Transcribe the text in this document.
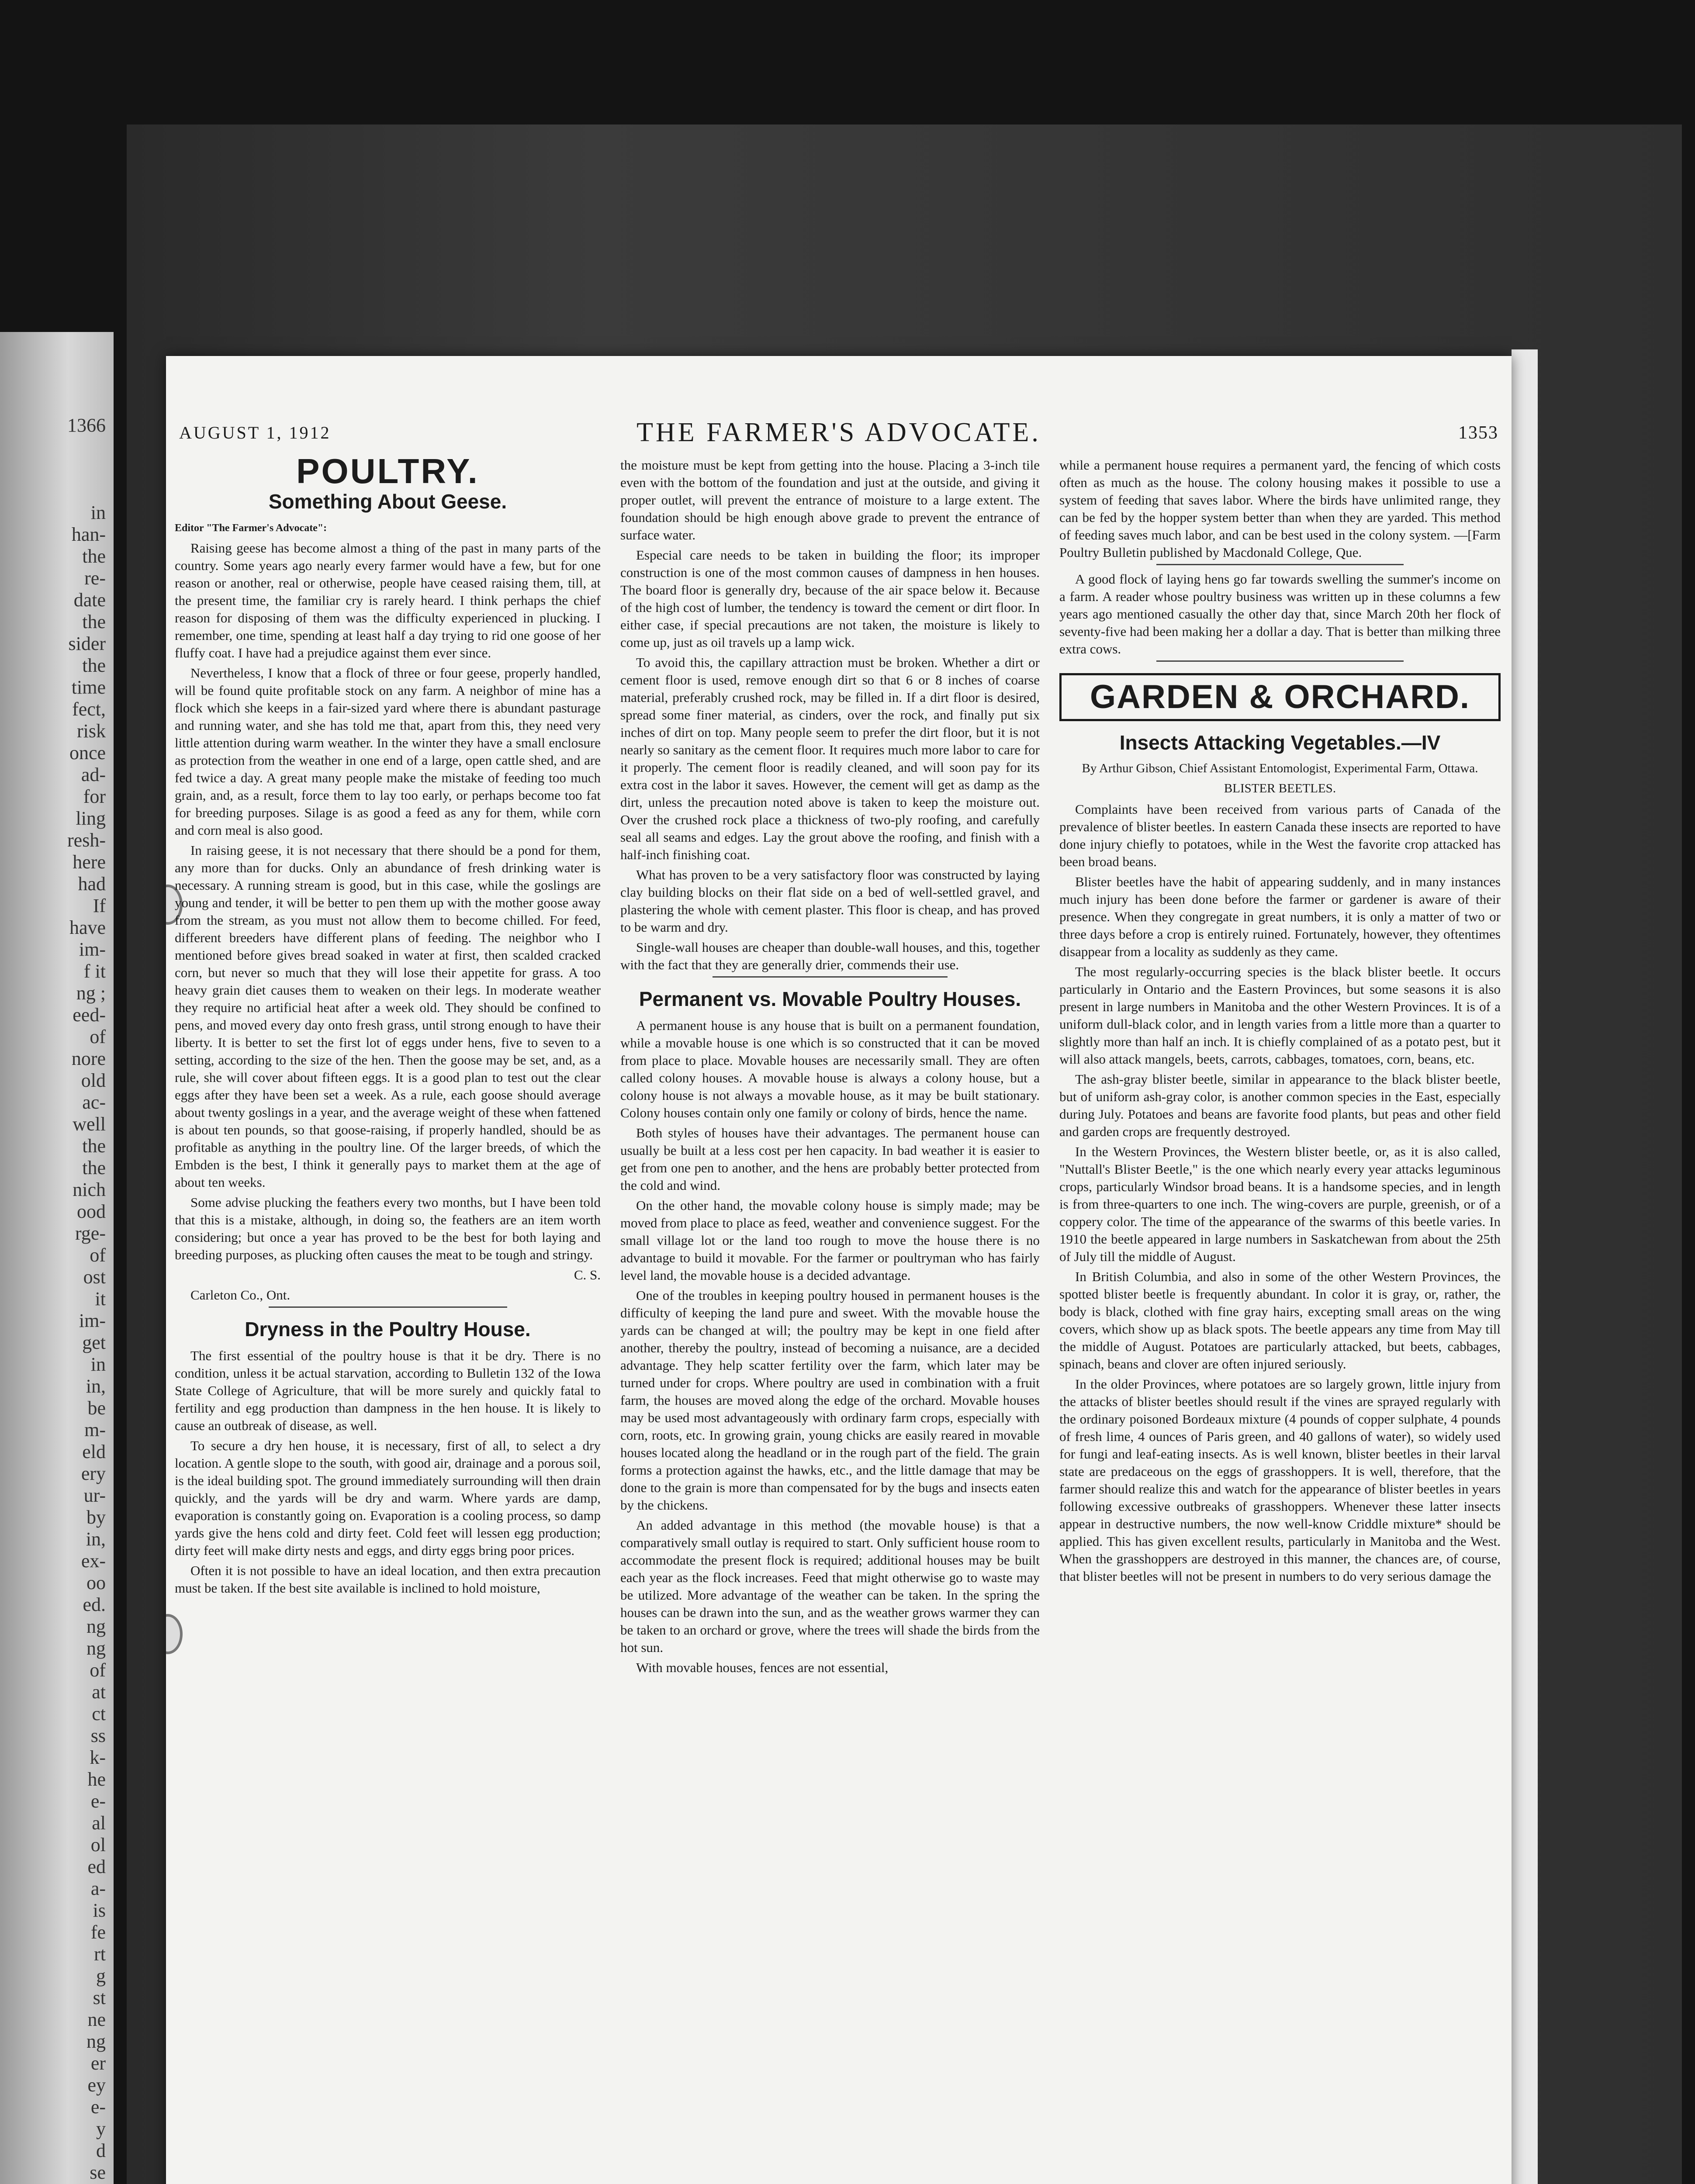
1366
in
han-
the
re-
date
the
sider
the
time
fect,
risk
once
ad-
for
ling
resh-
here
had
If
have
im-
f it
ng ;
eed-
of
nore
old
ac-
well
the
the
nich
ood
rge-
of
ost
it
im-
get
in
in,
be
m-
eld
ery
ur-
by
in,
ex-
oo
ed.
ng
ng
of
at
ct
ss
k-
he
e-
al
ol
ed
a-
is
fe
rt
g
st
ne
ng
er
ey
e-
y
d
se
AUGUST 1, 1912	THE FARMER'S ADVOCATE.	1353
POULTRY.
Something About Geese.

Editor "The Farmer's Advocate":

Raising geese has become almost a thing of the past in many parts of the country. Some years ago nearly every farmer would have a few, but for one reason or another, real or otherwise, people have ceased raising them, till, at the present time, the familiar cry is rarely heard. I think perhaps the chief reason for disposing of them was the difficulty experienced in plucking. I remember, one time, spending at least half a day trying to rid one goose of her fluffy coat. I have had a prejudice against them ever since.

Nevertheless, I know that a flock of three or four geese, properly handled, will be found quite profitable stock on any farm. A neighbor of mine has a flock which she keeps in a fair-sized yard where there is abundant pasturage and running water, and she has told me that, apart from this, they need very little attention during warm weather. In the winter they have a small enclosure as protection from the weather in one end of a large, open cattle shed, and are fed twice a day. A great many people make the mistake of feeding too much grain, and, as a result, force them to lay too early, or perhaps become too fat for breeding purposes. Silage is as good a feed as any for them, while corn and corn meal is also good.

In raising geese, it is not necessary that there should be a pond for them, any more than for ducks. Only an abundance of fresh drinking water is necessary. A running stream is good, but in this case, while the goslings are young and tender, it will be better to pen them up with the mother goose away from the stream, as you must not allow them to become chilled. For feed, different breeders have different plans of feeding. The neighbor who I mentioned before gives bread soaked in water at first, then scalded cracked corn, but never so much that they will lose their appetite for grass. A too heavy grain diet causes them to weaken on their legs. In moderate weather they require no artificial heat after a week old. They should be confined to pens, and moved every day onto fresh grass, until strong enough to have their liberty. It is better to set the first lot of eggs under hens, five to seven to a setting, according to the size of the hen. Then the goose may be set, and, as a rule, she will cover about fifteen eggs. It is a good plan to test out the clear eggs after they have been set a week. As a rule, each goose should average about twenty goslings in a year, and the average weight of these when fattened is about ten pounds, so that goose-raising, if properly handled, should be as profitable as anything in the poultry line. Of the larger breeds, of which the Embden is the best, I think it generally pays to market them at the age of about ten weeks.

Some advise plucking the feathers every two months, but I have been told that this is a mistake, although, in doing so, the feathers are an item worth considering; but once a year has proved to be the best for both laying and breeding purposes, as plucking often causes the meat to be tough and stringy.

C. S.

Carleton Co., Ont.

Dryness in the Poultry House.

The first essential of the poultry house is that it be dry. There is no condition, unless it be actual starvation, according to Bulletin 132 of the Iowa State College of Agriculture, that will be more surely and quickly fatal to fertility and egg production than dampness in the hen house. It is likely to cause an outbreak of disease, as well.

To secure a dry hen house, it is necessary, first of all, to select a dry location. A gentle slope to the south, with good air, drainage and a porous soil, is the ideal building spot. The ground immediately surrounding will then drain quickly, and the yards will be dry and warm. Where yards are damp, evaporation is constantly going on. Evaporation is a cooling process, so damp yards give the hens cold and dirty feet. Cold feet will lessen egg production; dirty feet will make dirty nests and eggs, and dirty eggs bring poor prices.

Often it is not possible to have an ideal location, and then extra precaution must be taken. If the best site available is inclined to hold moisture,

the moisture must be kept from getting into the house. Placing a 3-inch tile even with the bottom of the foundation and just at the outside, and giving it proper outlet, will prevent the entrance of moisture to a large extent. The foundation should be high enough above grade to prevent the entrance of surface water.

Especial care needs to be taken in building the floor; its improper construction is one of the most common causes of dampness in hen houses. The board floor is generally dry, because of the air space below it. Because of the high cost of lumber, the tendency is toward the cement or dirt floor. In either case, if special precautions are not taken, the moisture is likely to come up, just as oil travels up a lamp wick.

To avoid this, the capillary attraction must be broken. Whether a dirt or cement floor is used, remove enough dirt so that 6 or 8 inches of coarse material, preferably crushed rock, may be filled in. If a dirt floor is desired, spread some finer material, as cinders, over the rock, and finally put six inches of dirt on top. Many people seem to prefer the dirt floor, but it is not nearly so sanitary as the cement floor. It requires much more labor to care for it properly. The cement floor is readily cleaned, and will soon pay for its extra cost in the labor it saves. However, the cement will get as damp as the dirt, unless the precaution noted above is taken to keep the moisture out. Over the crushed rock place a thickness of two-ply roofing, and carefully seal all seams and edges. Lay the grout above the roofing, and finish with a half-inch finishing coat.

What has proven to be a very satisfactory floor was constructed by laying clay building blocks on their flat side on a bed of well-settled gravel, and plastering the whole with cement plaster. This floor is cheap, and has proved to be warm and dry.

Single-wall houses are cheaper than double-wall houses, and this, together with the fact that they are generally drier, commends their use.

Permanent vs. Movable Poultry Houses.

A permanent house is any house that is built on a permanent foundation, while a movable house is one which is so constructed that it can be moved from place to place. Movable houses are necessarily small. They are often called colony houses. A movable house is always a colony house, but a colony house is not always a movable house, as it may be built stationary. Colony houses contain only one family or colony of birds, hence the name.

Both styles of houses have their advantages. The permanent house can usually be built at a less cost per hen capacity. In bad weather it is easier to get from one pen to another, and the hens are probably better protected from the cold and wind.

On the other hand, the movable colony house is simply made; may be moved from place to place as feed, weather and convenience suggest. For the small village lot or the land too rough to move the house there is no advantage to build it movable. For the farmer or poultryman who has fairly level land, the movable house is a decided advantage.

One of the troubles in keeping poultry housed in permanent houses is the difficulty of keeping the land pure and sweet. With the movable house the yards can be changed at will; the poultry may be kept in one field after another, thereby the poultry, instead of becoming a nuisance, are a decided advantage. They help scatter fertility over the farm, which later may be turned under for crops. Where poultry are used in combination with a fruit farm, the houses are moved along the edge of the orchard. Movable houses may be used most advantageously with ordinary farm crops, especially with corn, roots, etc. In growing grain, young chicks are easily reared in movable houses located along the headland or in the rough part of the field. The grain forms a protection against the hawks, etc., and the little damage that may be done to the grain is more than compensated for by the bugs and insects eaten by the chickens.

An added advantage in this method (the movable house) is that a comparatively small outlay is required to start. Only sufficient house room to accommodate the present flock is required; additional houses may be built each year as the flock increases. Feed that might otherwise go to waste may be utilized. More advantage of the weather can be taken. In the spring the houses can be drawn into the sun, and as the weather grows warmer they can be taken to an orchard or grove, where the trees will shade the birds from the hot sun.

With movable houses, fences are not essential,

while a permanent house requires a permanent yard, the fencing of which costs often as much as the house. The colony housing makes it possible to use a system of feeding that saves labor. Where the birds have unlimited range, they can be fed by the hopper system better than when they are yarded. This method of feeding saves much labor, and can be best used in the colony system. —[Farm Poultry Bulletin published by Macdonald College, Que.

A good flock of laying hens go far towards swelling the summer's income on a farm. A reader whose poultry business was written up in these columns a few years ago mentioned casually the other day that, since March 20th her flock of seventy-five had been making her a dollar a day. That is better than milking three extra cows.

GARDEN & ORCHARD.
Insects Attacking Vegetables.—IV
By Arthur Gibson, Chief Assistant Entomologist, Experimental Farm, Ottawa.
BLISTER BEETLES.

Complaints have been received from various parts of Canada of the prevalence of blister beetles. In eastern Canada these insects are reported to have done injury chiefly to potatoes, while in the West the favorite crop attacked has been broad beans.

Blister beetles have the habit of appearing suddenly, and in many instances much injury has been done before the farmer or gardener is aware of their presence. When they congregate in great numbers, it is only a matter of two or three days before a crop is entirely ruined. Fortunately, however, they oftentimes disappear from a locality as suddenly as they came.

The most regularly-occurring species is the black blister beetle. It occurs particularly in Ontario and the Eastern Provinces, but some seasons it is also present in large numbers in Manitoba and the other Western Provinces. It is of a uniform dull-black color, and in length varies from a little more than a quarter to slightly more than half an inch. It is chiefly complained of as a potato pest, but it will also attack mangels, beets, carrots, cabbages, tomatoes, corn, beans, etc.

The ash-gray blister beetle, similar in appearance to the black blister beetle, but of uniform ash-gray color, is another common species in the East, especially during July. Potatoes and beans are favorite food plants, but peas and other field and garden crops are frequently destroyed.

In the Western Provinces, the Western blister beetle, or, as it is also called, "Nuttall's Blister Beetle," is the one which nearly every year attacks leguminous crops, particularly Windsor broad beans. It is a handsome species, and in length is from three-quarters to one inch. The wing-covers are purple, greenish, or of a coppery color. The time of the appearance of the swarms of this beetle varies. In 1910 the beetle appeared in large numbers in Saskatchewan from about the 25th of July till the middle of August.

In British Columbia, and also in some of the other Western Provinces, the spotted blister beetle is frequently abundant. In color it is gray, or, rather, the body is black, clothed with fine gray hairs, excepting small areas on the wing covers, which show up as black spots. The beetle appears any time from May till the middle of August. Potatoes are particularly attacked, but beets, cabbages, spinach, beans and clover are often injured seriously.

In the older Provinces, where potatoes are so largely grown, little injury from the attacks of blister beetles should result if the vines are sprayed regularly with the ordinary poisoned Bordeaux mixture (4 pounds of copper sulphate, 4 pounds of fresh lime, 4 ounces of Paris green, and 40 gallons of water), so widely used for fungi and leaf-eating insects. As is well known, blister beetles in their larval state are predaceous on the eggs of grasshoppers. It is well, therefore, that the farmer should realize this and watch for the appearance of blister beetles in years following excessive outbreaks of grasshoppers. Whenever these latter insects appear in destructive numbers, the now well-know Criddle mixture* should be applied. This has given excellent results, particularly in Manitoba and the West. When the grasshoppers are destroyed in this manner, the chances are, of course, that blister beetles will not be present in numbers to do very serious damage the
